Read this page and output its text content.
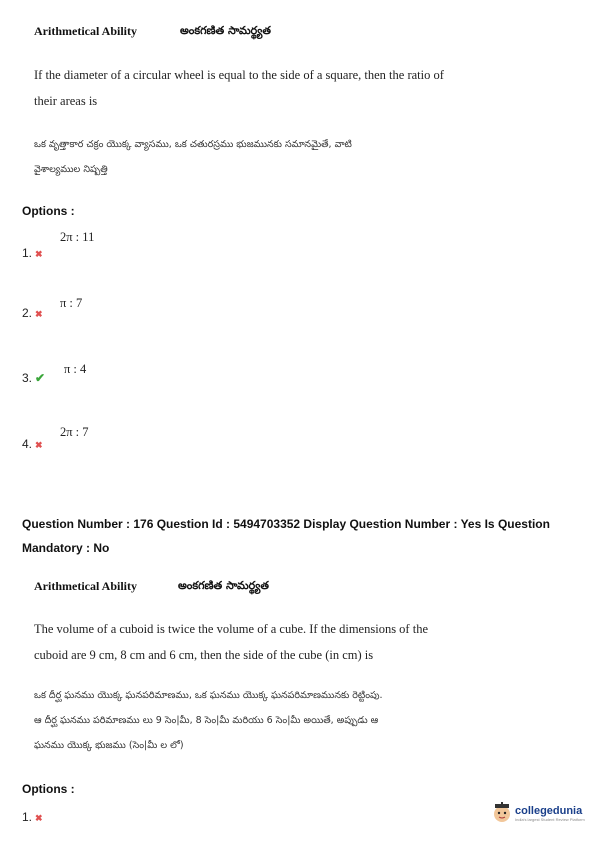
Arithmetical Ability	అంకగణిత సామర్థ్యత
If the diameter of a circular wheel is equal to the side of a square, then the ratio of
their areas is
ఒక వృత్తాకార చక్రం యొక్క వ్యాసము, ఒక చతురస్రము భుజమునకు సమానమైతే, వాటి
వైశాల్యముల నిష్పత్తి
Options :
2π : 11
1. ✖
π : 7
2. ✖
π : 4
3. ✔
2π : 7
4. ✖
Question Number : 176 Question Id : 5494703352 Display Question Number : Yes Is Question
Mandatory : No
Arithmetical Ability	అంకగణిత సామర్థ్యత
The volume of a cuboid is twice the volume of a cube. If the dimensions of the
cuboid are 9 cm, 8 cm and 6 cm, then the side of the cube (in cm) is
ఒక దీర్ఘ ఘనము యొక్క ఘనపరిమాణము, ఒక ఘనము యొక్క ఘనపరిమాణమునకు రెట్టింపు.
ఆ దీర్ఘ ఘనము పరిమాణము లు 9 సెం|మీ, 8 సెం|మీ మరియు 6 సెం|మీ అయితే, అప్పుడు ఆ
ఘనము యొక్క భుజము (సెం|మీ ల లో)
Options :
1. ✖
collegedunia
India's largest Student Review Platform
